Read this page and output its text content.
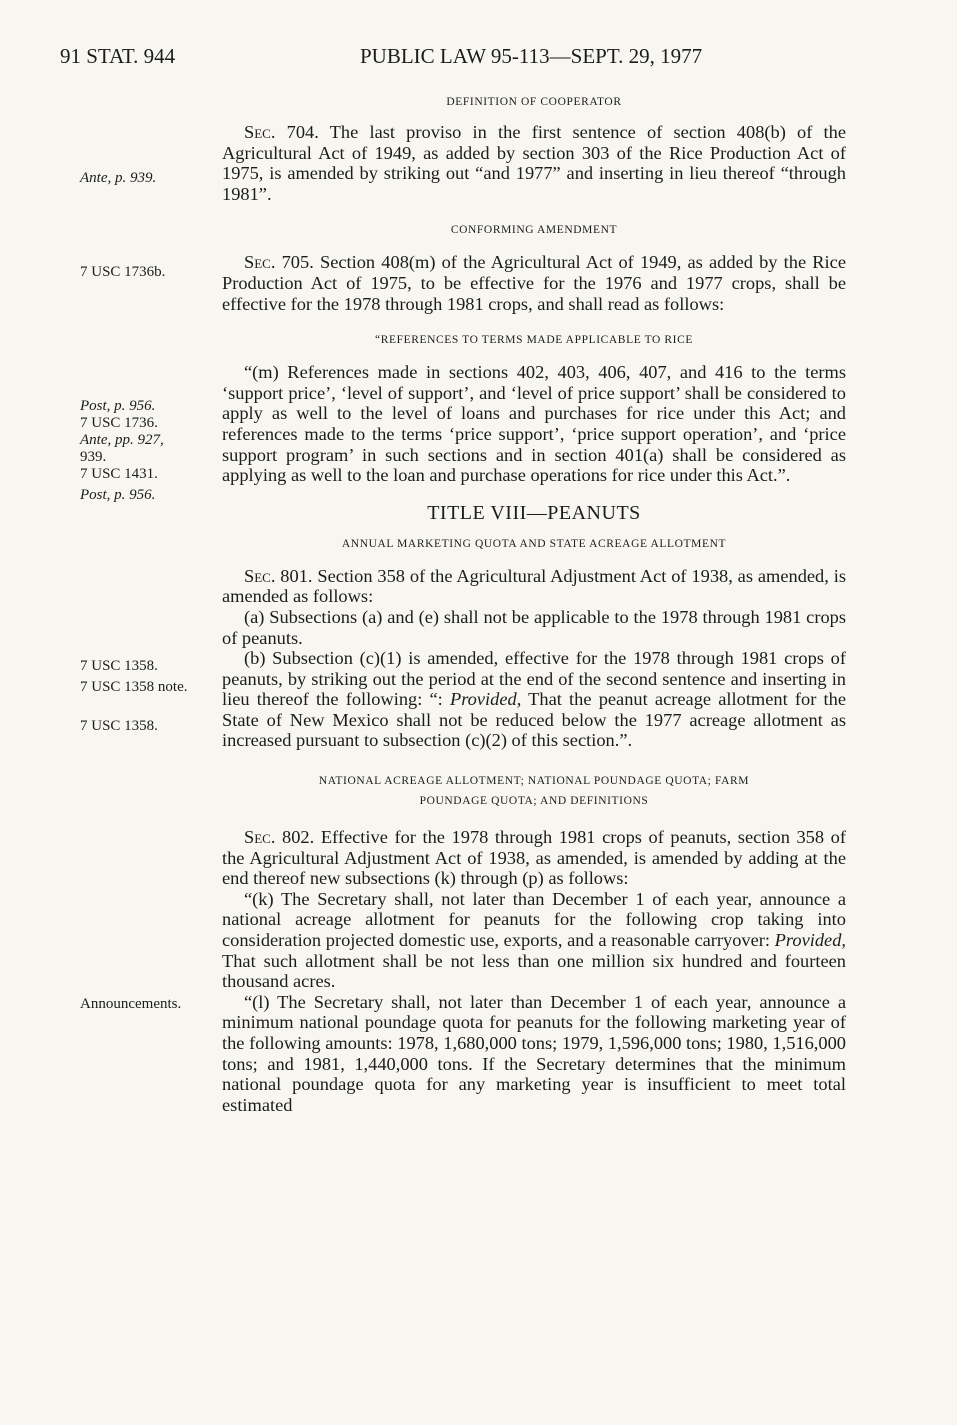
91 STAT. 944	PUBLIC LAW 95-113—SEPT. 29, 1977
Ante, p. 939.
7 USC 1736b.
Post, p. 956.
7 USC 1736.
Ante, pp. 927,
939.
7 USC 1431.
Post, p. 956.
7 USC 1358.
7 USC 1358 note.
7 USC 1358.
Announcements.
DEFINITION OF COOPERATOR

Sec. 704. The last proviso in the first sentence of section 408(b) of the Agricultural Act of 1949, as added by section 303 of the Rice Production Act of 1975, is amended by striking out “and 1977” and inserting in lieu thereof “through 1981”.

CONFORMING AMENDMENT

Sec. 705. Section 408(m) of the Agricultural Act of 1949, as added by the Rice Production Act of 1975, to be effective for the 1976 and 1977 crops, shall be effective for the 1978 through 1981 crops, and shall read as follows:

“REFERENCES TO TERMS MADE APPLICABLE TO RICE

“(m) References made in sections 402, 403, 406, 407, and 416 to the terms ‘support price’, ‘level of support’, and ‘level of price support’ shall be considered to apply as well to the level of loans and purchases for rice under this Act; and references made to the terms ‘price support’, ‘price support operation’, and ‘price support program’ in such sections and in section 401(a) shall be considered as applying as well to the loan and purchase operations for rice under this Act.”.

TITLE VIII—PEANUTS
ANNUAL MARKETING QUOTA AND STATE ACREAGE ALLOTMENT

Sec. 801. Section 358 of the Agricultural Adjustment Act of 1938, as amended, is amended as follows:

(a) Subsections (a) and (e) shall not be applicable to the 1978 through 1981 crops of peanuts.

(b) Subsection (c)(1) is amended, effective for the 1978 through 1981 crops of peanuts, by striking out the period at the end of the second sentence and inserting in lieu thereof the following: “: Provided, That the peanut acreage allotment for the State of New Mexico shall not be reduced below the 1977 acreage allotment as increased pursuant to subsection (c)(2) of this section.”.

NATIONAL ACREAGE ALLOTMENT; NATIONAL POUNDAGE QUOTA; FARM
POUNDAGE QUOTA; AND DEFINITIONS

Sec. 802. Effective for the 1978 through 1981 crops of peanuts, section 358 of the Agricultural Adjustment Act of 1938, as amended, is amended by adding at the end thereof new subsections (k) through (p) as follows:

“(k) The Secretary shall, not later than December 1 of each year, announce a national acreage allotment for peanuts for the following crop taking into consideration projected domestic use, exports, and a reasonable carryover: Provided, That such allotment shall be not less than one million six hundred and fourteen thousand acres.

“(l) The Secretary shall, not later than December 1 of each year, announce a minimum national poundage quota for peanuts for the following marketing year of the following amounts: 1978, 1,680,000 tons; 1979, 1,596,000 tons; 1980, 1,516,000 tons; and 1981, 1,440,000 tons. If the Secretary determines that the minimum national poundage quota for any marketing year is insufficient to meet total estimated
